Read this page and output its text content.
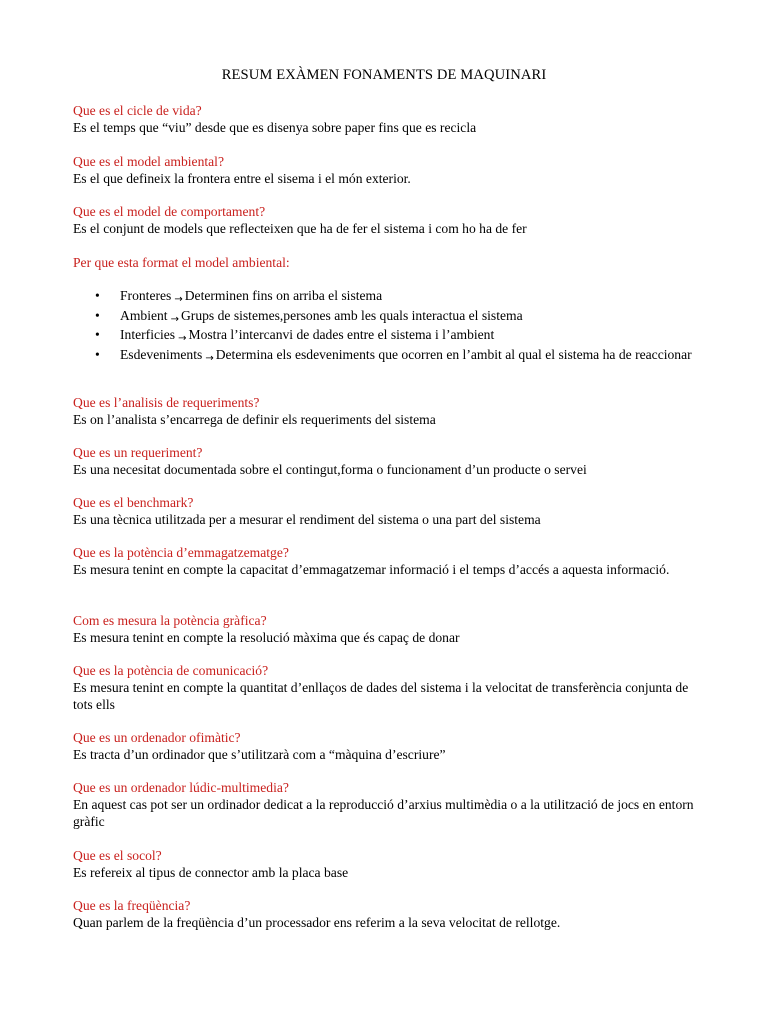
RESUM EXÀMEN FONAMENTS DE MAQUINARI
Que es el cicle de vida?
Es el temps que “viu” desde que es disenya sobre paper fins que es recicla
Que es el model ambiental?
Es el que defineix la frontera entre el sisema i el món exterior.
Que es el model de comportament?
Es el conjunt de models que reflecteixen que ha de fer el sistema i com ho ha de fer
Per que esta format el model ambiental:
• Fronteres → Determinen fins on arriba el sistema
• Ambient → Grups de sistemes,persones amb les quals interactua el sistema
• Interficies → Mostra l’intercanvi de dades entre el sistema i l’ambient
• Esdeveniments → Determina els esdeveniments que ocorren en l’ambit al qual el sistema ha de reaccionar
Que es l’analisis de requeriments?
Es on l’analista s’encarrega de definir els requeriments del sistema
Que es un requeriment?
Es una necesitat documentada sobre el contingut,forma o funcionament d’un producte o servei
Que es el benchmark?
Es una tècnica utilitzada per a mesurar el rendiment del sistema o una part del sistema
Que es la potència d’emmagatzematge?
Es mesura tenint en compte la capacitat d’emmagatzemar informació i el temps d’accés a aquesta informació.
Com es mesura la potència gràfica?
Es mesura tenint en compte la resolució màxima que és capaç de donar
Que es la potència de comunicació?
Es mesura tenint en compte la quantitat d’enllaços de dades del sistema i la velocitat de transferència conjunta de tots ells
Que es un ordenador ofimàtic?
Es tracta d’un ordinador que s’utilitzarà com a “màquina d’escriure”
Que es un ordenador lúdic-multimedia?
En aquest cas pot ser un ordinador dedicat a la reproducció d’arxius multimèdia o a la utilització de jocs en entorn gràfic
Que es el socol?
Es refereix al tipus de connector amb la placa base
Que es la freqüència?
Quan parlem de la freqüència d’un processador ens referim a la seva velocitat de rellotge.
